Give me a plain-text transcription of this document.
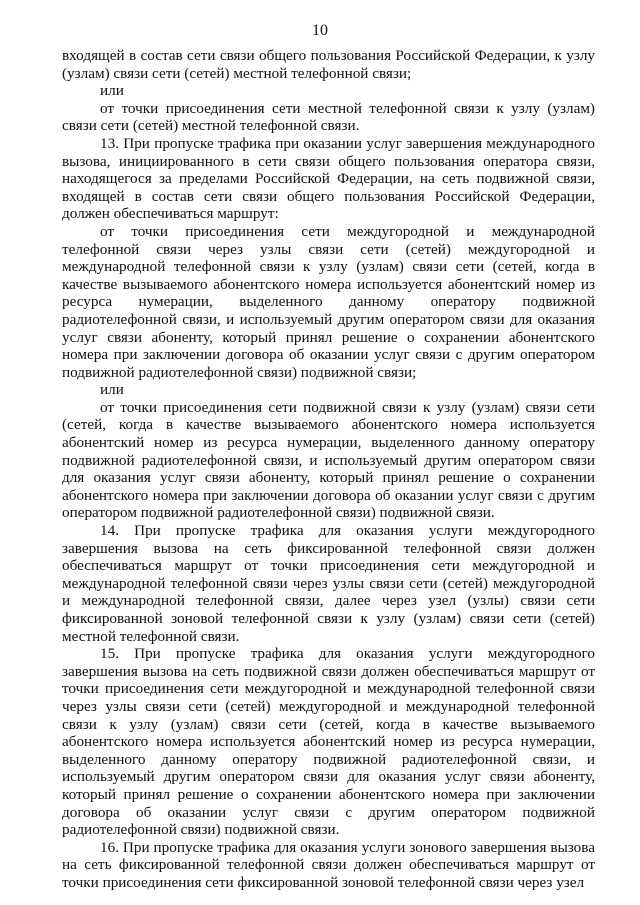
10

входящей в состав сети связи общего пользования Российской Федерации, к узлу (узлам) связи сети (сетей) местной телефонной связи;

или

от точки присоединения сети местной телефонной связи к узлу (узлам) связи сети (сетей) местной телефонной связи.

13. При пропуске трафика при оказании услуг завершения международного вызова, инициированного в сети связи общего пользования оператора связи, находящегося за пределами Российской Федерации, на сеть подвижной связи, входящей в состав сети связи общего пользования Российской Федерации, должен обеспечиваться маршрут:

от точки присоединения сети междугородной и международной телефонной связи через узлы связи сети (сетей) междугородной и международной телефонной связи к узлу (узлам) связи сети (сетей, когда в качестве вызываемого абонентского номера используется абонентский номер из ресурса нумерации, выделенного данному оператору подвижной радиотелефонной связи, и используемый другим оператором связи для оказания услуг связи абоненту, который принял решение о сохранении абонентского номера при заключении договора об оказании услуг связи с другим оператором подвижной радиотелефонной связи) подвижной связи;

или

от точки присоединения сети подвижной связи к узлу (узлам) связи сети (сетей, когда в качестве вызываемого абонентского номера используется абонентский номер из ресурса нумерации, выделенного данному оператору подвижной радиотелефонной связи, и используемый другим оператором связи для оказания услуг связи абоненту, который принял решение о сохранении абонентского номера при заключении договора об оказании услуг связи с другим оператором подвижной радиотелефонной связи) подвижной связи.

14. При пропуске трафика для оказания услуги междугородного завершения вызова на сеть фиксированной телефонной связи должен обеспечиваться маршрут от точки присоединения сети междугородной и международной телефонной связи через узлы связи сети (сетей) междугородной и международной телефонной связи, далее через узел (узлы) связи сети фиксированной зоновой телефонной связи к узлу (узлам) связи сети (сетей) местной телефонной связи.

15. При пропуске трафика для оказания услуги междугородного завершения вызова на сеть подвижной связи должен обеспечиваться маршрут от точки присоединения сети междугородной и международной телефонной связи через узлы связи сети (сетей) междугородной и международной телефонной связи к узлу (узлам) связи сети (сетей, когда в качестве вызываемого абонентского номера используется абонентский номер из ресурса нумерации, выделенного данному оператору подвижной радиотелефонной связи, и используемый другим оператором связи для оказания услуг связи абоненту, который принял решение о сохранении абонентского номера при заключении договора об оказании услуг связи с другим оператором подвижной радиотелефонной связи) подвижной связи.

16. При пропуске трафика для оказания услуги зонового завершения вызова на сеть фиксированной телефонной связи должен обеспечиваться маршрут от точки присоединения сети фиксированной зоновой телефонной связи через узел
